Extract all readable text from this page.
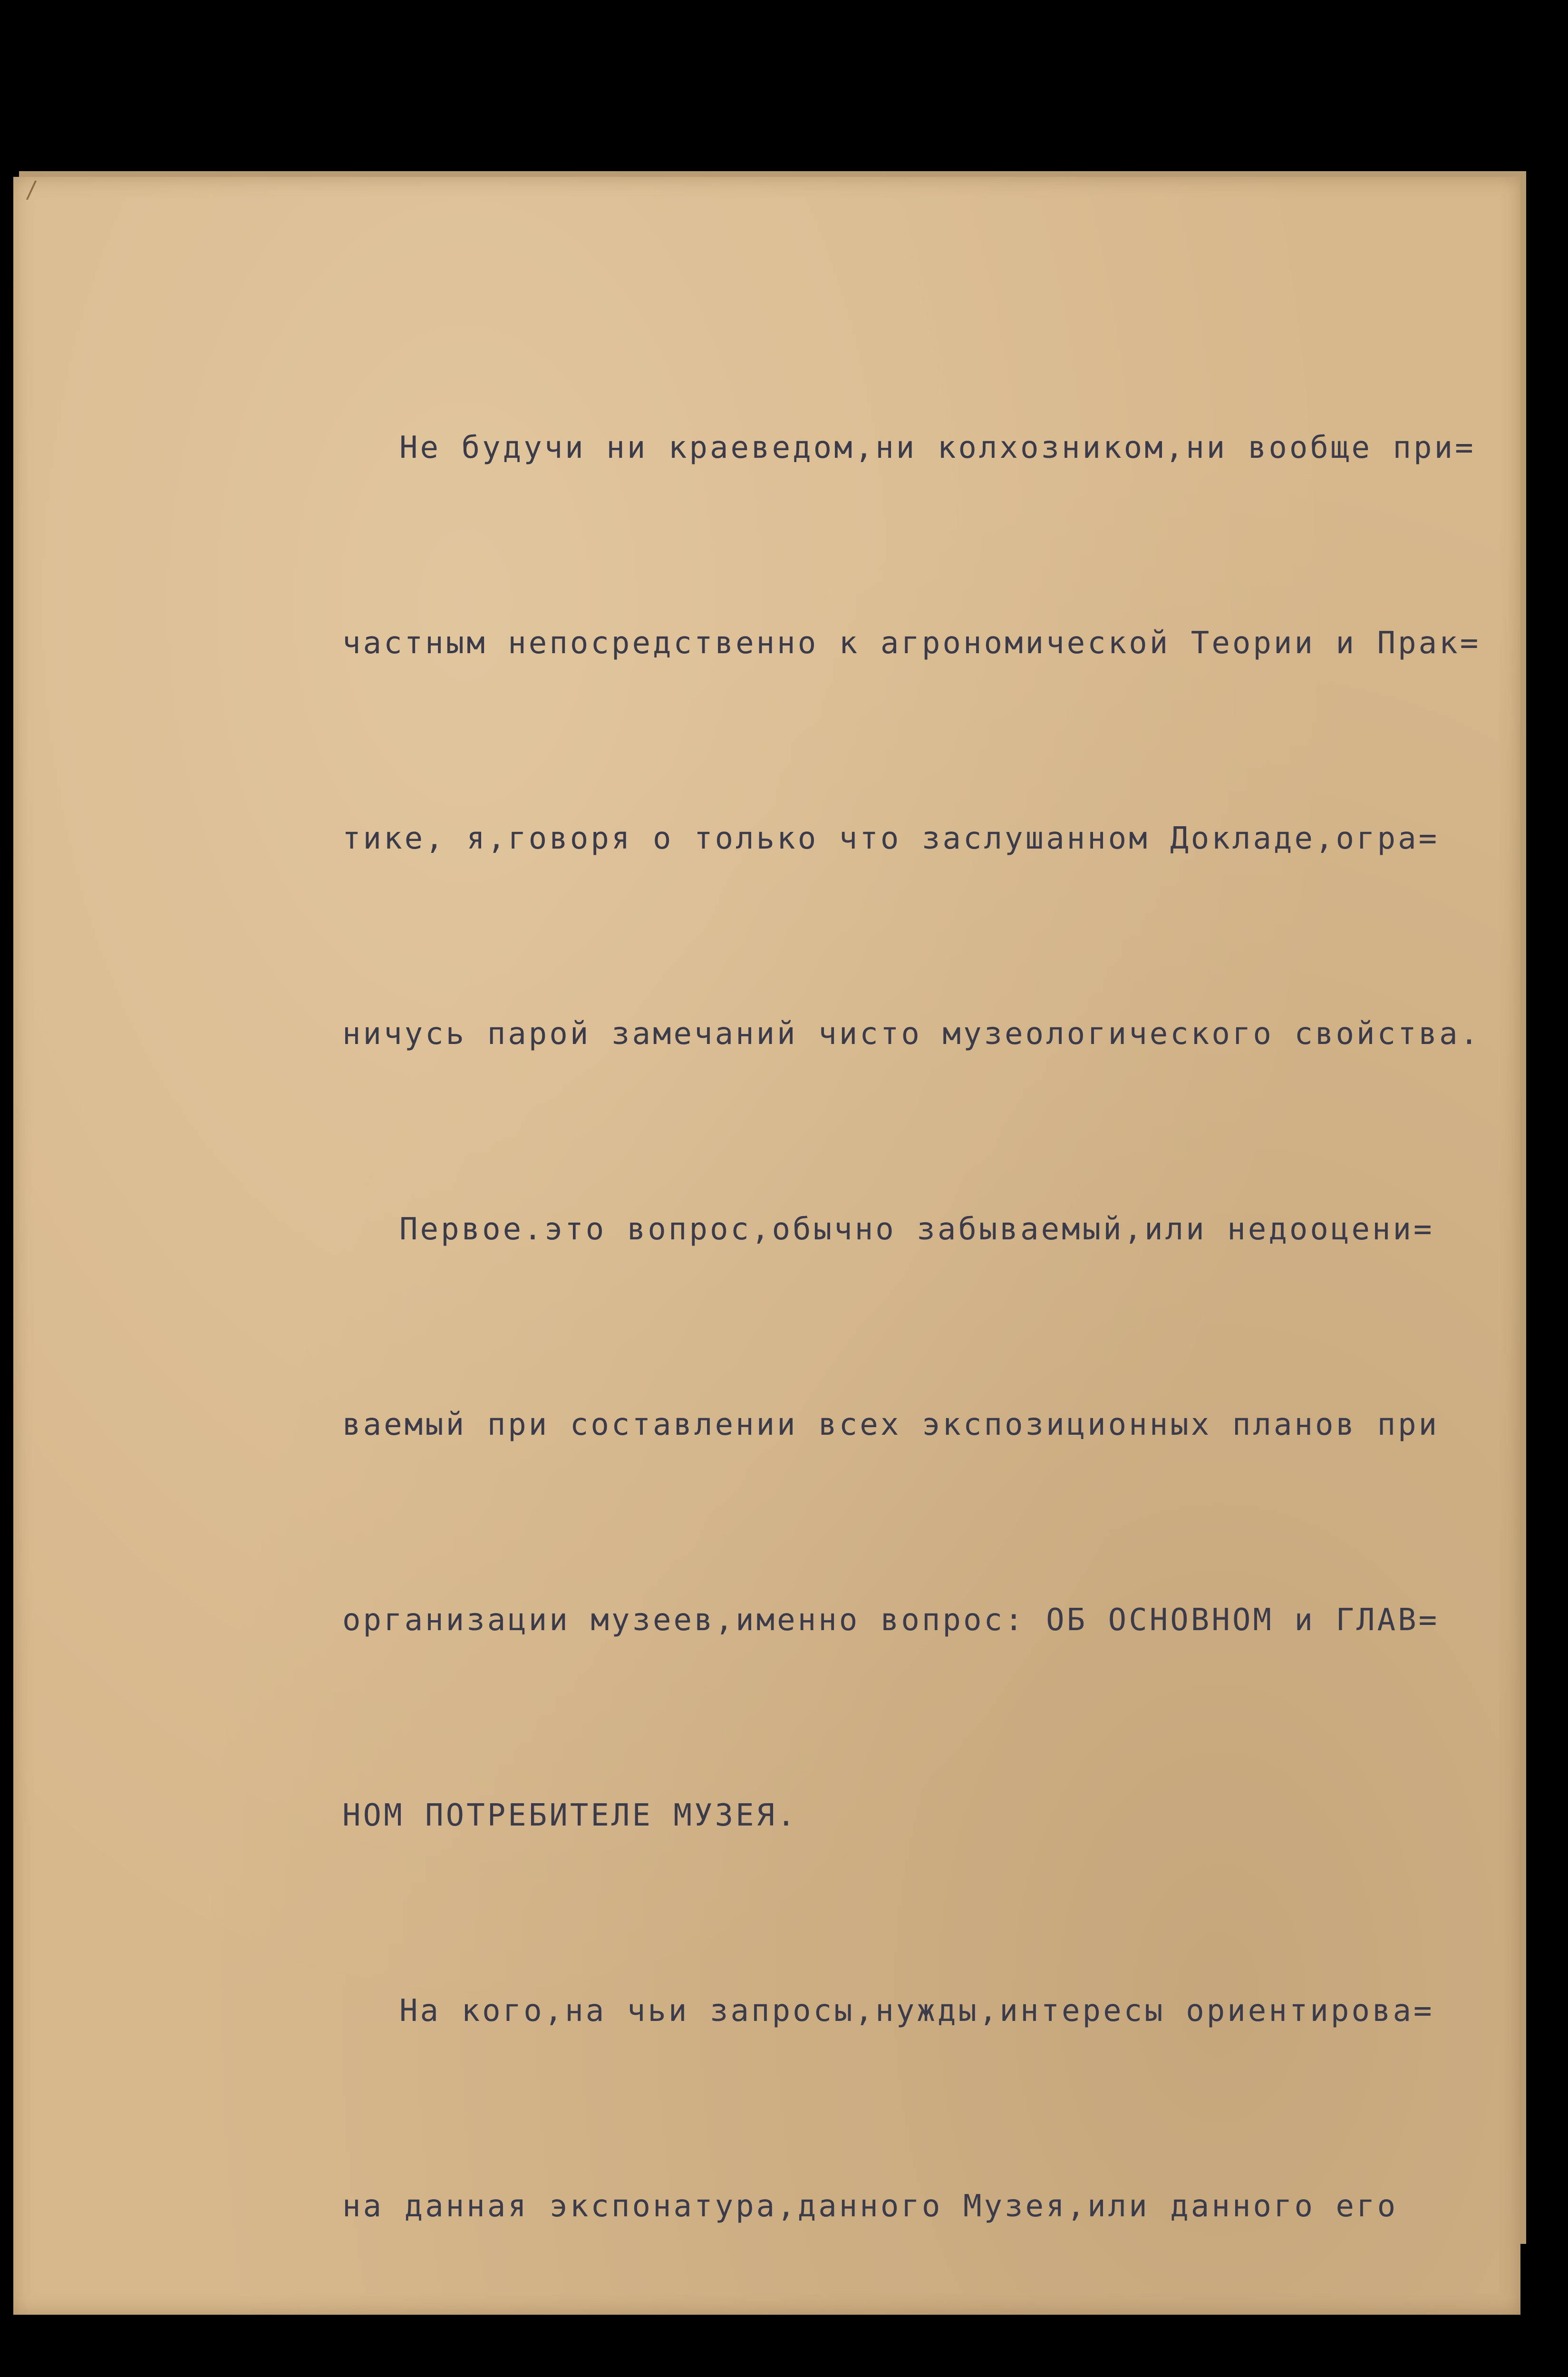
Не будучи ни краеведом,ни колхозником,ни вообще при=

частным непосредственно к агрономической Теории и Прак=

тике, я,говоря о только что заслушанном Докладе,огра=

ничусь парой замечаний чисто музеологического свойства.

Первое.это вопрос,обычно забываемый,или недооцени=

ваемый при составлении всех экспозиционных планов при

организации музеев,именно вопрос: ОБ ОСНОВНОМ и ГЛАВ=

НОМ ПОТРЕБИТЕЛЕ МУЗЕЯ.

На кого,на чьи запросы,нужды,интересы ориентирова=

на данная экспонатура,данного Музея,или данного его
